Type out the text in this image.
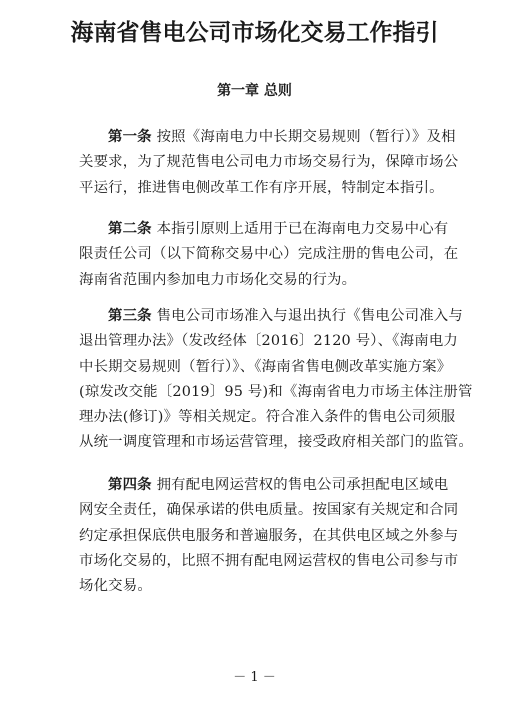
海南省售电公司市场化交易工作指引
第一章 总则
第一条 按照《海南电力中长期交易规则（暂行）》及相
关要求，为了规范售电公司电力市场交易行为，保障市场公
平运行，推进售电侧改革工作有序开展，特制定本指引。
第二条 本指引原则上适用于已在海南电力交易中心有
限责任公司（以下简称交易中心）完成注册的售电公司，在
海南省范围内参加电力市场化交易的行为。
第三条 售电公司市场准入与退出执行《售电公司准入与
退出管理办法》（发改经体〔2016〕2120 号）、《海南电力
中长期交易规则（暂行）》、《海南省售电侧改革实施方案》
(琼发改交能〔2019〕95 号)和《海南省电力市场主体注册管
理办法(修订)》等相关规定。符合准入条件的售电公司须服
从统一调度管理和市场运营管理，接受政府相关部门的监管。
第四条 拥有配电网运营权的售电公司承担配电区域电
网安全责任，确保承诺的供电质量。按国家有关规定和合同
约定承担保底供电服务和普遍服务，在其供电区域之外参与
市场化交易的，比照不拥有配电网运营权的售电公司参与市
场化交易。
－ 1 －
